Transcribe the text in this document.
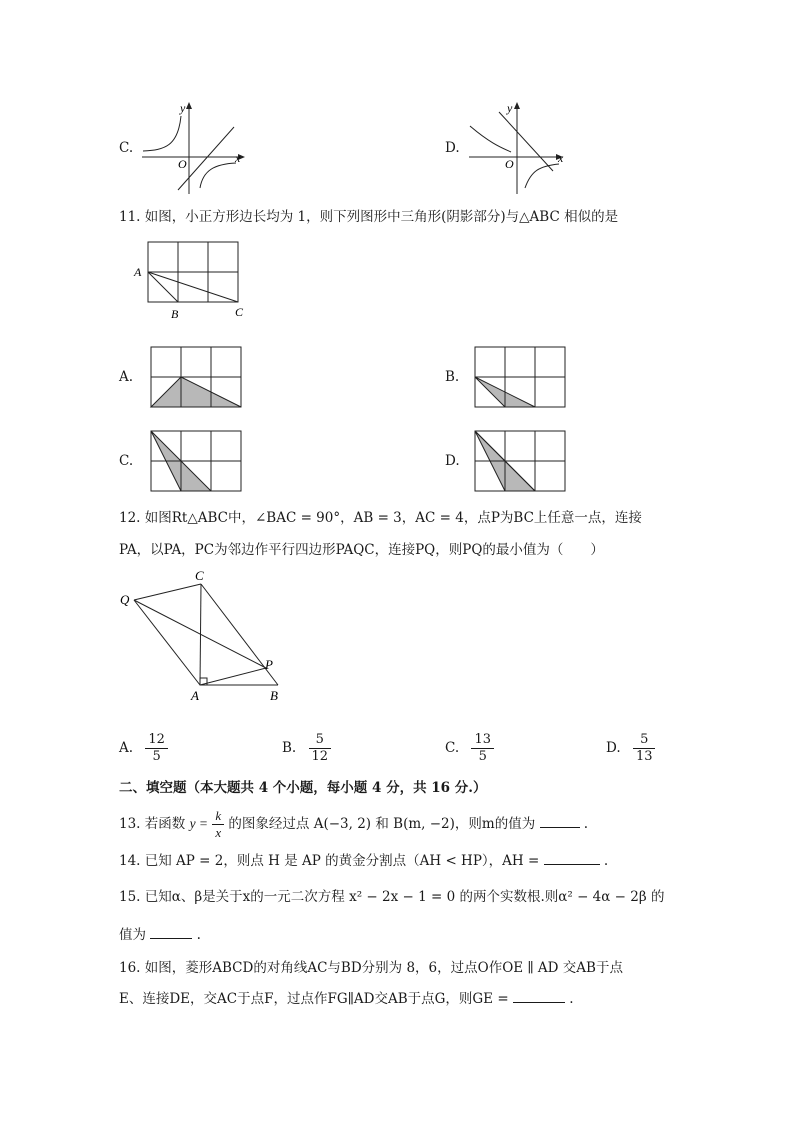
C.
y
x
O
D.
y
x
O
11. 如图，小正方形边长均为 1，则下列图形中三角形(阴影部分)与△ABC 相似的是
A
B	C
A.	B.
C.	D.
12. 如图Rt△ABC中，∠BAC = 90°，AB = 3，AC = 4，点P为BC上任意一点，连接
PA，以PA，PC为邻边作平行四边形PAQC，连接PQ，则PQ的最小值为（　　）
C
Q
P
A	B
A. $\frac{12}{5}$	B. $\frac{5}{12}$	C. $\frac{13}{5}$	D. $\frac{5}{13}$
二、填空题（本大题共 4 个小题，每小题 4 分，共 16 分.）
13. 若函数 $y = \frac{k}{x}$ 的图象经过点 A(−3, 2) 和 B(m, −2)，则m的值为	.
14. 已知 AP = 2，则点 H 是 AP 的黄金分割点（AH < HP），AH =	.
15. 已知α、β是关于x的一元二次方程 x² − 2x − 1 = 0 的两个实数根.则α² − 4α − 2β 的
值为	.
16. 如图，菱形ABCD的对角线AC与BD分别为 8，6，过点O作OE ∥ AD 交AB于点
E、连接DE，交AC于点F，过点作FG∥AD交AB于点G，则GE =	.
